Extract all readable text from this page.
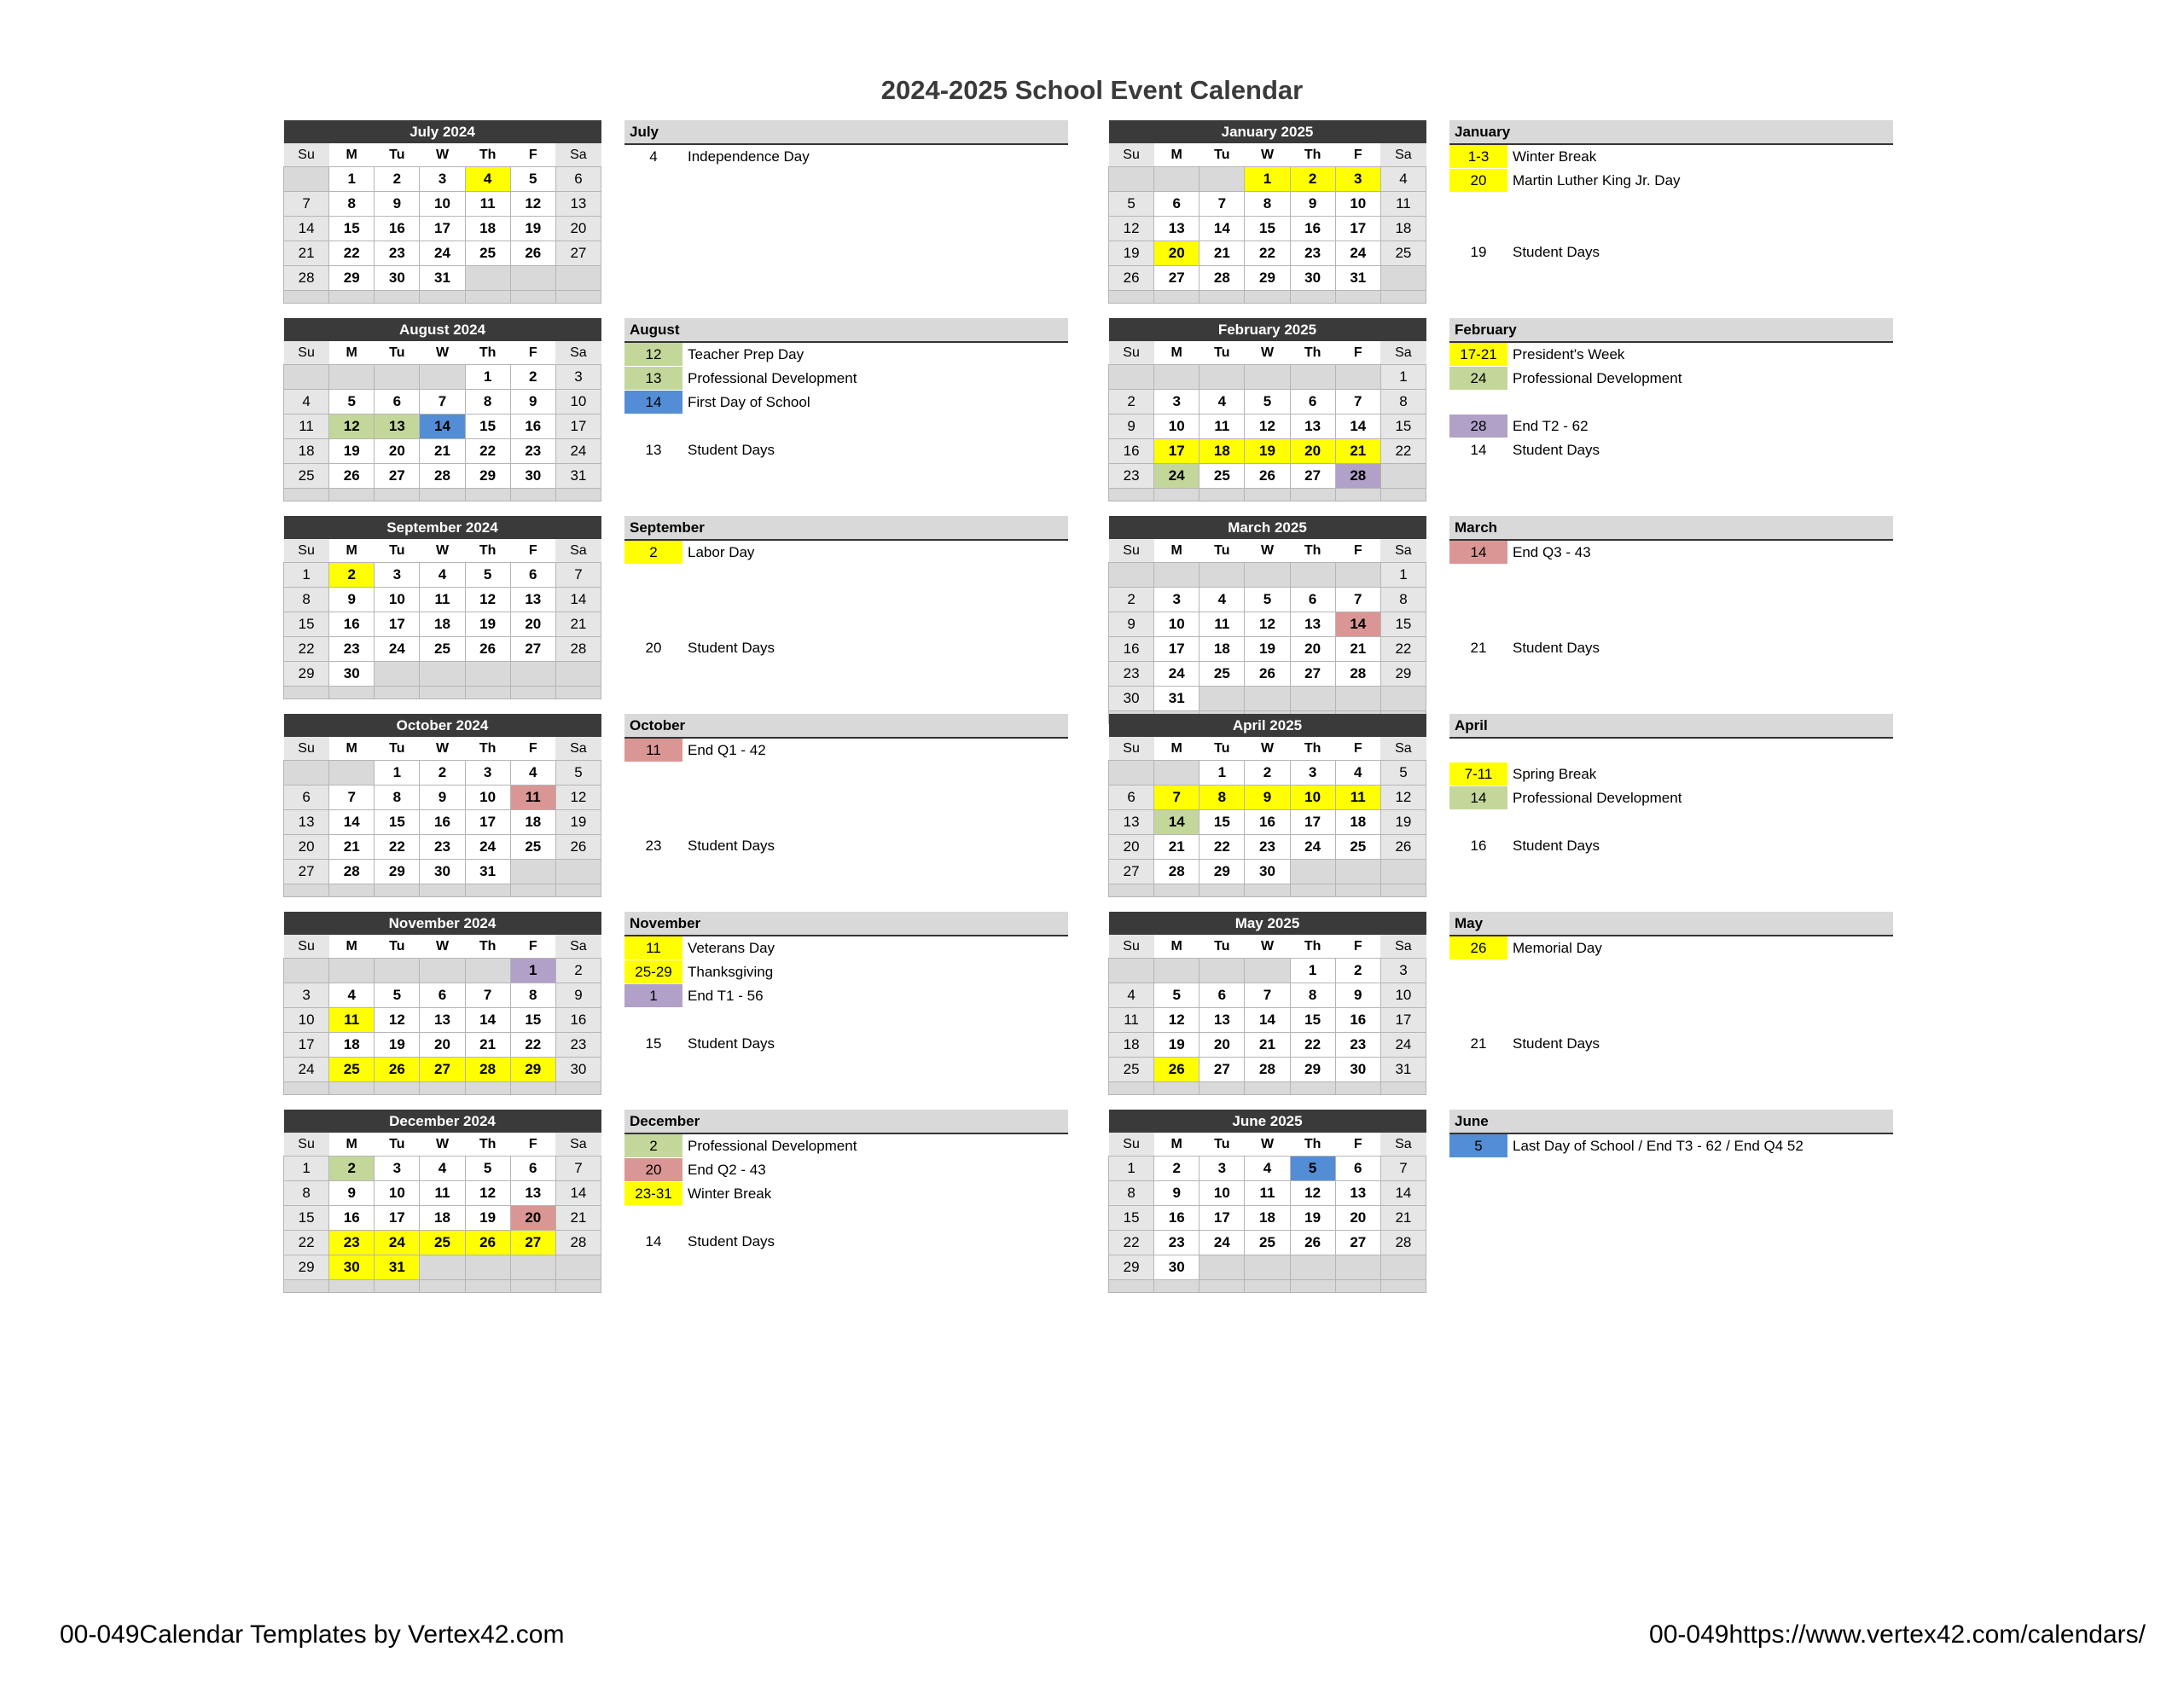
2024-2025 School Event Calendar
July 2024						
Su	M	Tu	W	Th	F	Sa
	1	2	3	4	5	6
7	8	9	10	11	12	13
14	15	16	17	18	19	20
21	22	23	24	25	26	27
28	29	30	31			

August 2024						
Su	M	Tu	W	Th	F	Sa
				1	2	3
4	5	6	7	8	9	10
11	12	13	14	15	16	17
18	19	20	21	22	23	24
25	26	27	28	29	30	31

September 2024						
Su	M	Tu	W	Th	F	Sa
1	2	3	4	5	6	7
8	9	10	11	12	13	14
15	16	17	18	19	20	21
22	23	24	25	26	27	28
29	30					

October 2024						
Su	M	Tu	W	Th	F	Sa
		1	2	3	4	5
6	7	8	9	10	11	12
13	14	15	16	17	18	19
20	21	22	23	24	25	26
27	28	29	30	31		

November 2024						
Su	M	Tu	W	Th	F	Sa
					1	2
3	4	5	6	7	8	9
10	11	12	13	14	15	16
17	18	19	20	21	22	23
24	25	26	27	28	29	30

December 2024						
Su	M	Tu	W	Th	F	Sa
1	2	3	4	5	6	7
8	9	10	11	12	13	14
15	16	17	18	19	20	21
22	23	24	25	26	27	28
29	30	31				

July
4	Independence Day
August
12	Teacher Prep Day
13	Professional Development
14	First Day of School
13	Student Days
September
2	Labor Day
20	Student Days
October
11	End Q1 - 42
23	Student Days
November
11	Veterans Day
25-29	Thanksgiving
1	End T1 - 56
15	Student Days
December
2	Professional Development
20	End Q2 - 43
23-31	Winter Break
14	Student Days
January 2025						
Su	M	Tu	W	Th	F	Sa
			1	2	3	4
5	6	7	8	9	10	11
12	13	14	15	16	17	18
19	20	21	22	23	24	25
26	27	28	29	30	31	

February 2025						
Su	M	Tu	W	Th	F	Sa
						1
2	3	4	5	6	7	8
9	10	11	12	13	14	15
16	17	18	19	20	21	22
23	24	25	26	27	28	

March 2025						
Su	M	Tu	W	Th	F	Sa
						1
2	3	4	5	6	7	8
9	10	11	12	13	14	15
16	17	18	19	20	21	22
23	24	25	26	27	28	29
30	31					

April 2025						
Su	M	Tu	W	Th	F	Sa
		1	2	3	4	5
6	7	8	9	10	11	12
13	14	15	16	17	18	19
20	21	22	23	24	25	26
27	28	29	30			

May 2025						
Su	M	Tu	W	Th	F	Sa
				1	2	3
4	5	6	7	8	9	10
11	12	13	14	15	16	17
18	19	20	21	22	23	24
25	26	27	28	29	30	31

June 2025						
Su	M	Tu	W	Th	F	Sa
1	2	3	4	5	6	7
8	9	10	11	12	13	14
15	16	17	18	19	20	21
22	23	24	25	26	27	28
29	30					

January
1-3	Winter Break
20	Martin Luther King Jr. Day
19	Student Days
February
17-21	President's Week
24	Professional Development
28	End T2 - 62
14	Student Days
March
14	End Q3 - 43
21	Student Days
April
7-11	Spring Break
14	Professional Development
16	Student Days
May
26	Memorial Day
21	Student Days
June
5	Last Day of School / End T3 - 62 / End Q4 52
00-049Calendar Templates by Vertex42.com	00-049https://www.vertex42.com/calendars/
